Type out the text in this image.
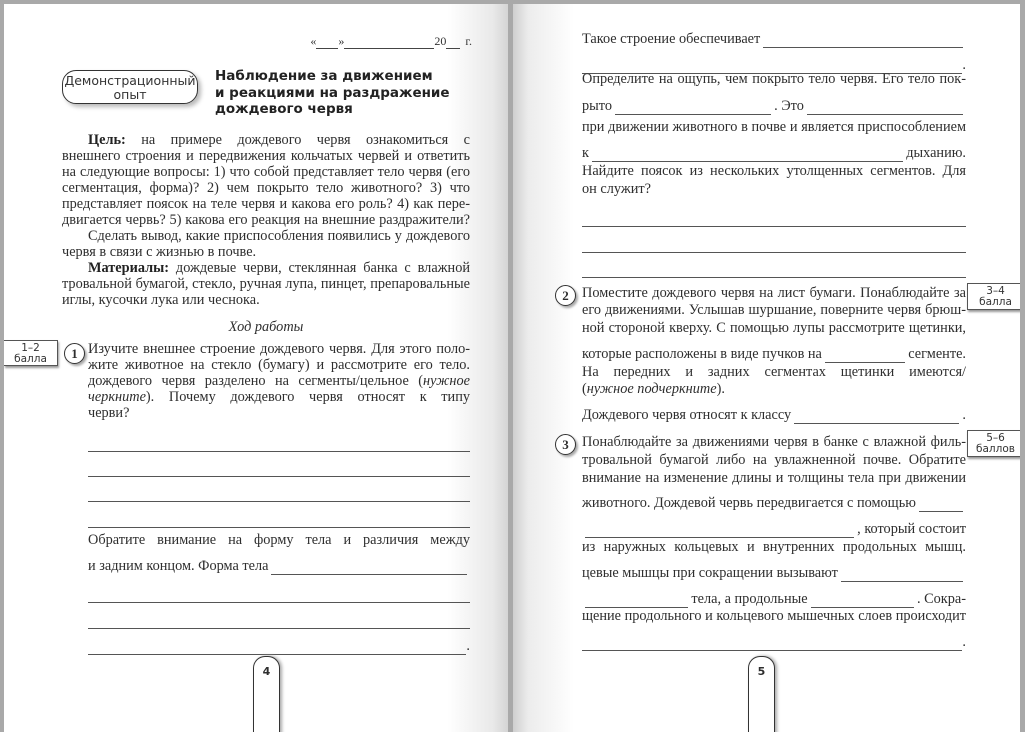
« »	20 г.
Демонстрационный
опыт
Наблюдение за движением
и реакциями на раздражение
дождевого червя
Цель: на примере дождевого червя ознакомиться с
внешнего строения и передвижения кольчатых червей и ответить
на следующие вопросы: 1) что собой представляет тело червя (его
сегментация, форма)? 2) чем покрыто тело животного? 3) что
представляет поясок на теле червя и какова его роль? 4) как пере-
двигается червь? 5) какова его реакция на внешние раздражители?
Сделать вывод, какие приспособления появились у дождевого
червя в связи с жизнью в почве.
Материалы: дождевые черви, стеклянная банка с влажной
тровальной бумагой, стекло, ручная лупа, пинцет, препаровальные
иглы, кусочки лука или чеснока.
Ход работы
1–2
балла	1 Изучите внешнее строение дождевого червя. Для этого поло-
жите животное на стекло (бумагу) и рассмотрите его тело.
дождевого червя разделено на сегменты/цельное (нужное
черкните). Почему дождевого червя относят к типу
черви?
Обратите внимание на форму тела и различия между
и задним концом. Форма тела
.
4
Такое строение обеспечивает
.
Определите на ощупь, чем покрыто тело червя. Его тело пок-
рыто	. Это
при движении животного в почве и является приспособлением
к	дыханию.
Найдите поясок из нескольких утолщенных сегментов. Для
он служит?
2	3–4
балла
Поместите дождевого червя на лист бумаги. Понаблюдайте за
его движениями. Услышав шуршание, поверните червя брюш-
ной стороной кверху. С помощью лупы рассмотрите щетинки,
которые расположены в виде пучков на	сегменте.
На передних и задних сегментах щетинки имеются/
(нужное подчеркните).
Дождевого червя относят к классу	.
3	5–6
баллов
Понаблюдайте за движениями червя в банке с влажной филь-
тровальной бумагой либо на увлажненной почве. Обратите
внимание на изменение длины и толщины тела при движении
животного. Дождевой червь передвигается с помощью
, который состоит
из наружных кольцевых и внутренних продольных мышц.
цевые мышцы при сокращении вызывают
тела, а продольные	. Сокра-
щение продольного и кольцевого мышечных слоев происходит
.
5
